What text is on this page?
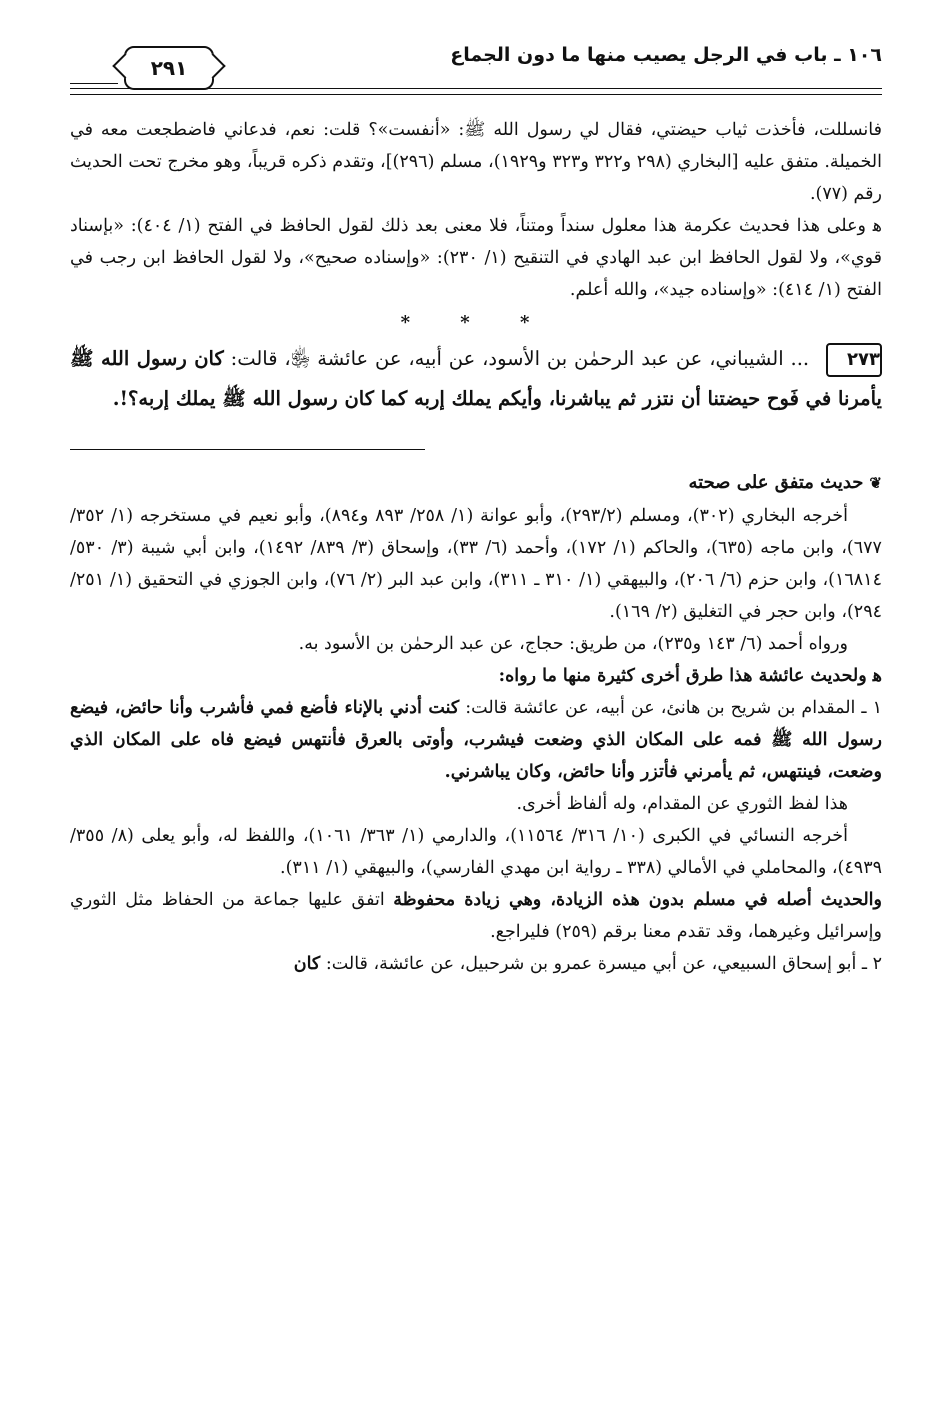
١٠٦ ـ باب في الرجل يصيب منها ما دون الجماع
٢٩١

فانسللت، فأخذت ثياب حيضتي، فقال لي رسول الله ﷺ: «أنفست»؟ قلت: نعم، فدعاني فاضطجعت معه في الخميلة. متفق عليه [البخاري (٢٩٨ و٣٢٢ و٣٢٣ و١٩٢٩)، مسلم (٢٩٦)]، وتقدم ذكره قريباً، وهو مخرج تحت الحديث رقم (٧٧).

ﻫ وعلى هذا فحديث عكرمة هذا معلول سنداً ومتناً، فلا معنى بعد ذلك لقول الحافظ في الفتح (١/ ٤٠٤): «بإسناد قوي»، ولا لقول الحافظ ابن عبد الهادي في التنقيح (١/ ٢٣٠): «وإسناده صحيح»، ولا لقول الحافظ ابن رجب في الفتح (١/ ٤١٤): «وإسناده جيد»، والله أعلم.

* * *

٢٧٣ ... الشيباني، عن عبد الرحمٰن بن الأسود، عن أبيه، عن عائشة ﵂، قالت: كان رسول الله ﷺ يأمرنا في فَوح حيضتنا أن نتزر ثم يباشرنا، وأيكم يملك إربه كما كان رسول الله ﷺ يملك إربه؟!.

❦حديث متفق على صحته

أخرجه البخاري (٣٠٢)، ومسلم (٢٩٣/٢)، وأبو عوانة (١/ ٢٥٨/ ٨٩٣ و٨٩٤)، وأبو نعيم في مستخرجه (١/ ٣٥٢/ ٦٧٧)، وابن ماجه (٦٣٥)، والحاكم (١/ ١٧٢)، وأحمد (٦/ ٣٣)، وإسحاق (٣/ ٨٣٩/ ١٤٩٢)، وابن أبي شيبة (٣/ ٥٣٠/ ١٦٨١٤)، وابن حزم (٦/ ٢٠٦)، والبيهقي (١/ ٣١٠ ـ ٣١١)، وابن عبد البر (٢/ ٧٦)، وابن الجوزي في التحقيق (١/ ٢٥١/ ٢٩٤)، وابن حجر في التغليق (٢/ ١٦٩).

ورواه أحمد (٦/ ١٤٣ و٢٣٥)، من طريق: حجاج، عن عبد الرحمٰن بن الأسود به.

ﻫ ولحديث عائشة هذا طرق أخرى كثيرة منها ما رواه:

١ ـ المقدام بن شريح بن هانئ، عن أبيه، عن عائشة قالت: كنت أدني بالإناء فأضع فمي فأشرب وأنا حائض، فيضع رسول الله ﷺ فمه على المكان الذي وضعت فيشرب، وأوتى بالعرق فأنتهس فيضع فاه على المكان الذي وضعت، فينتهس، ثم يأمرني فأتزر وأنا حائض، وكان يباشرني.

هذا لفظ الثوري عن المقدام، وله ألفاظ أخرى.

أخرجه النسائي في الكبرى (١٠/ ٣١٦/ ١١٥٦٤)، والدارمي (١/ ٣٦٣/ ١٠٦١)، واللفظ له، وأبو يعلى (٨/ ٣٥٥/ ٤٩٣٩)، والمحاملي في الأمالي (٣٣٨ ـ رواية ابن مهدي الفارسي)، والبيهقي (١/ ٣١١).

والحديث أصله في مسلم بدون هذه الزيادة، وهي زيادة محفوظة اتفق عليها جماعة من الحفاظ مثل الثوري وإسرائيل وغيرهما، وقد تقدم معنا برقم (٢٥٩) فليراجع.

٢ ـ أبو إسحاق السبيعي، عن أبي ميسرة عمرو بن شرحبيل، عن عائشة، قالت: كان
